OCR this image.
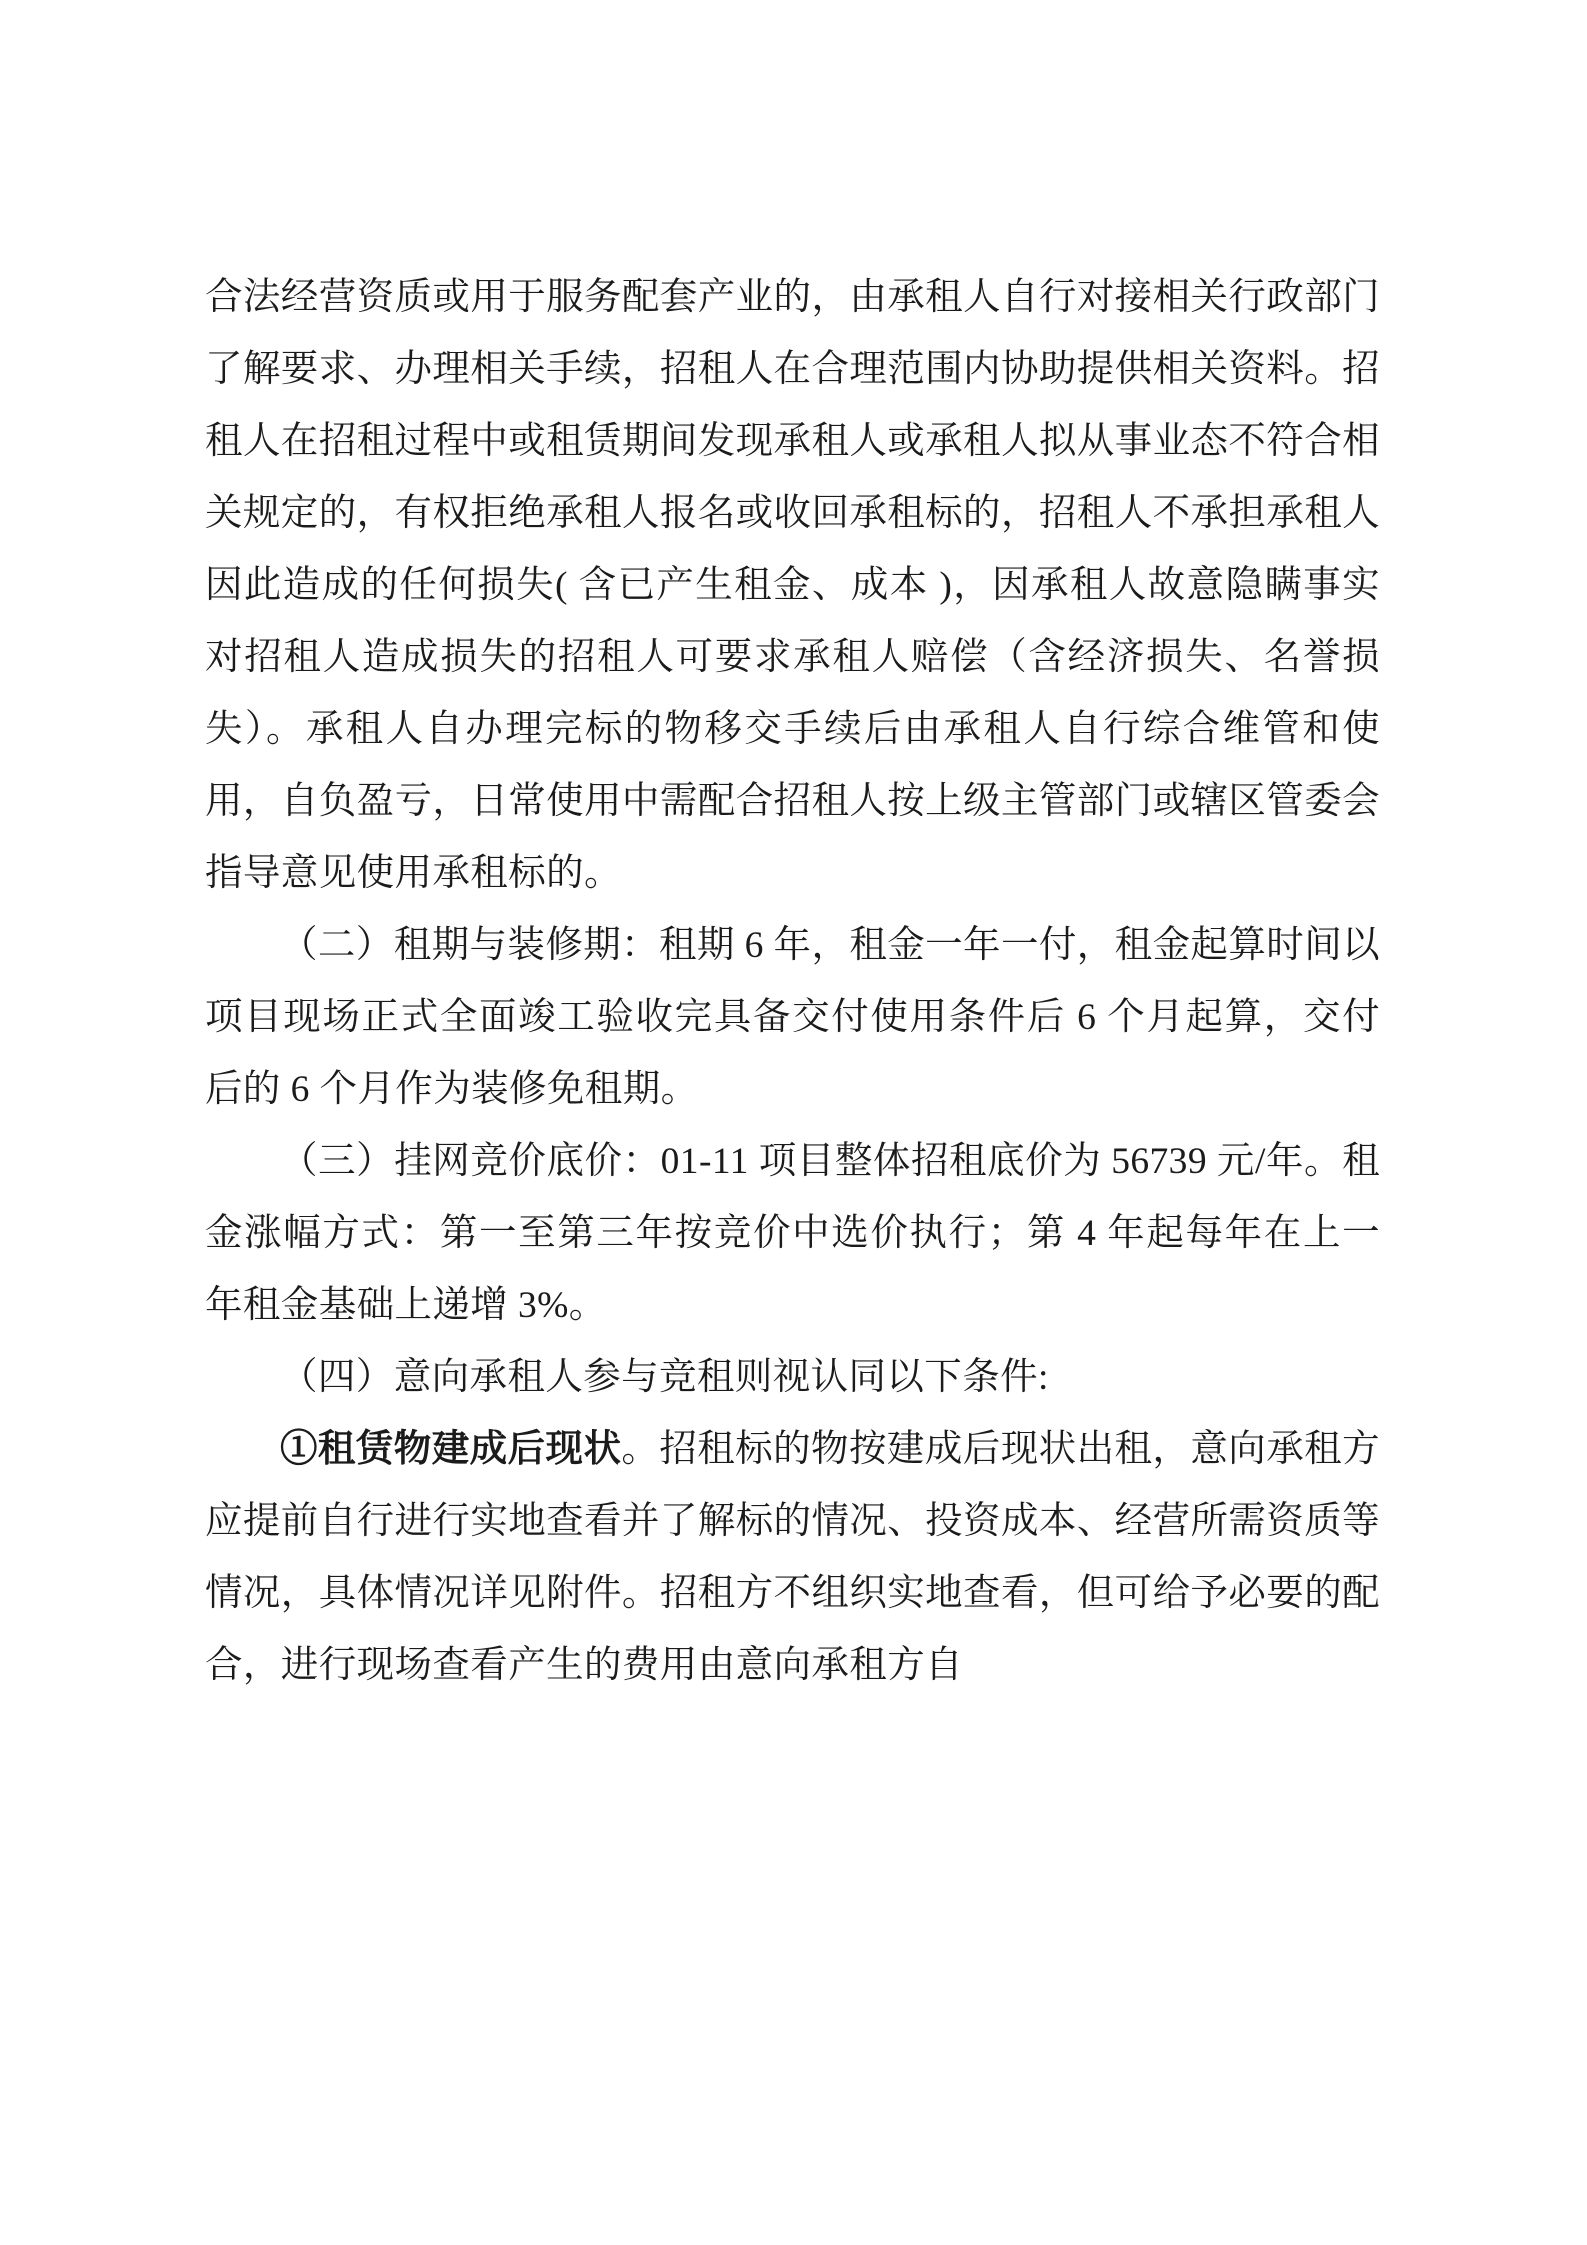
合法经营资质或用于服务配套产业的，由承租人自行对接相关行政部门了解要求、办理相关手续，招租人在合理范围内协助提供相关资料。招租人在招租过程中或租赁期间发现承租人或承租人拟从事业态不符合相关规定的，有权拒绝承租人报名或收回承租标的，招租人不承担承租人因此造成的任何损失( 含已产生租金、成本 )，因承租人故意隐瞒事实对招租人造成损失的招租人可要求承租人赔偿（含经济损失、名誉损失）。承租人自办理完标的物移交手续后由承租人自行综合维管和使用，自负盈亏，日常使用中需配合招租人按上级主管部门或辖区管委会指导意见使用承租标的。

（二）租期与装修期：租期 6 年，租金一年一付，租金起算时间以项目现场正式全面竣工验收完具备交付使用条件后 6 个月起算，交付后的 6 个月作为装修免租期。

（三）挂网竞价底价：01-11 项目整体招租底价为 56739 元/年。租金涨幅方式：第一至第三年按竞价中选价执行；第 4 年起每年在上一年租金基础上递增 3%。

（四）意向承租人参与竞租则视认同以下条件:

①租赁物建成后现状。招租标的物按建成后现状出租，意向承租方应提前自行进行实地查看并了解标的情况、投资成本、经营所需资质等情况，具体情况详见附件。招租方不组织实地查看，但可给予必要的配合，进行现场查看产生的费用由意向承租方自
